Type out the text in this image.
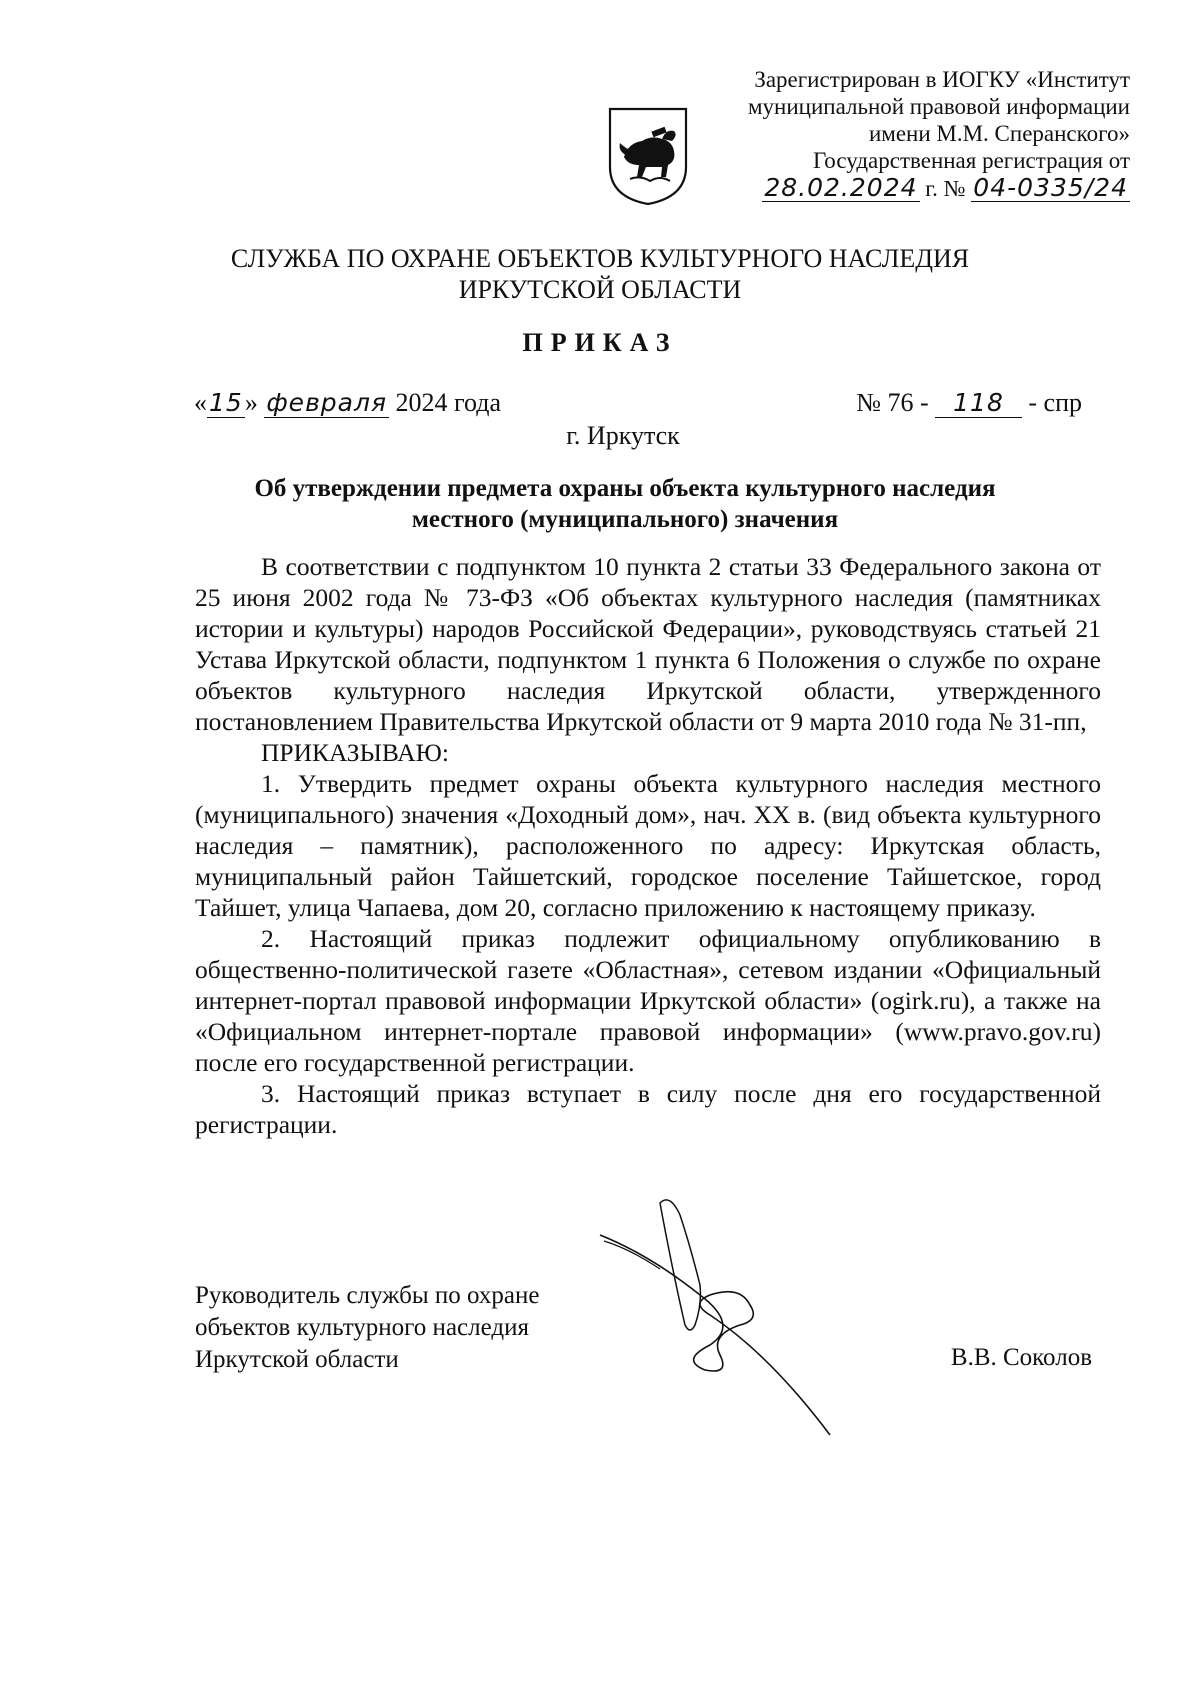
Зарегистрирован в ИОГКУ «Институт
муниципальной правовой информации
имени М.М. Сперанского»
Государственная регистрация от
28.02.2024 г. № 04-0335/24
СЛУЖБА ПО ОХРАНЕ ОБЪЕКТОВ КУЛЬТУРНОГО НАСЛЕДИЯ
ИРКУТСКОЙ ОБЛАСТИ
ПРИКАЗ
«15» февраля 2024 года	№ 76 - 118 - спр
г. Иркутск
Об утверждении предмета охраны объекта культурного наследия
местного (муниципального) значения

В соответствии с подпунктом 10 пункта 2 статьи 33 Федерального закона от 25 июня 2002 года № 73-ФЗ «Об объектах культурного наследия (памятниках истории и культуры) народов Российской Федерации», руководствуясь статьей 21 Устава Иркутской области, подпунктом 1 пункта 6 Положения о службе по охране объектов культурного наследия Иркутской области, утвержденного постановлением Правительства Иркутской области от 9 марта 2010 года № 31-пп,

ПРИКАЗЫВАЮ:

1. Утвердить предмет охраны объекта культурного наследия местного (муниципального) значения «Доходный дом», нач. XX в. (вид объекта культурного наследия – памятник), расположенного по адресу: Иркутская область, муниципальный район Тайшетский, городское поселение Тайшетское, город Тайшет, улица Чапаева, дом 20, согласно приложению к настоящему приказу.

2. Настоящий приказ подлежит официальному опубликованию в общественно-политической газете «Областная», сетевом издании «Официальный интернет-портал правовой информации Иркутской области» (ogirk.ru), а также на «Официальном интернет-портале правовой информации» (www.pravo.gov.ru) после его государственной регистрации.

3. Настоящий приказ вступает в силу после дня его государственной регистрации.

Руководитель службы по охране
объектов культурного наследия
Иркутской области	В.В. Соколов
